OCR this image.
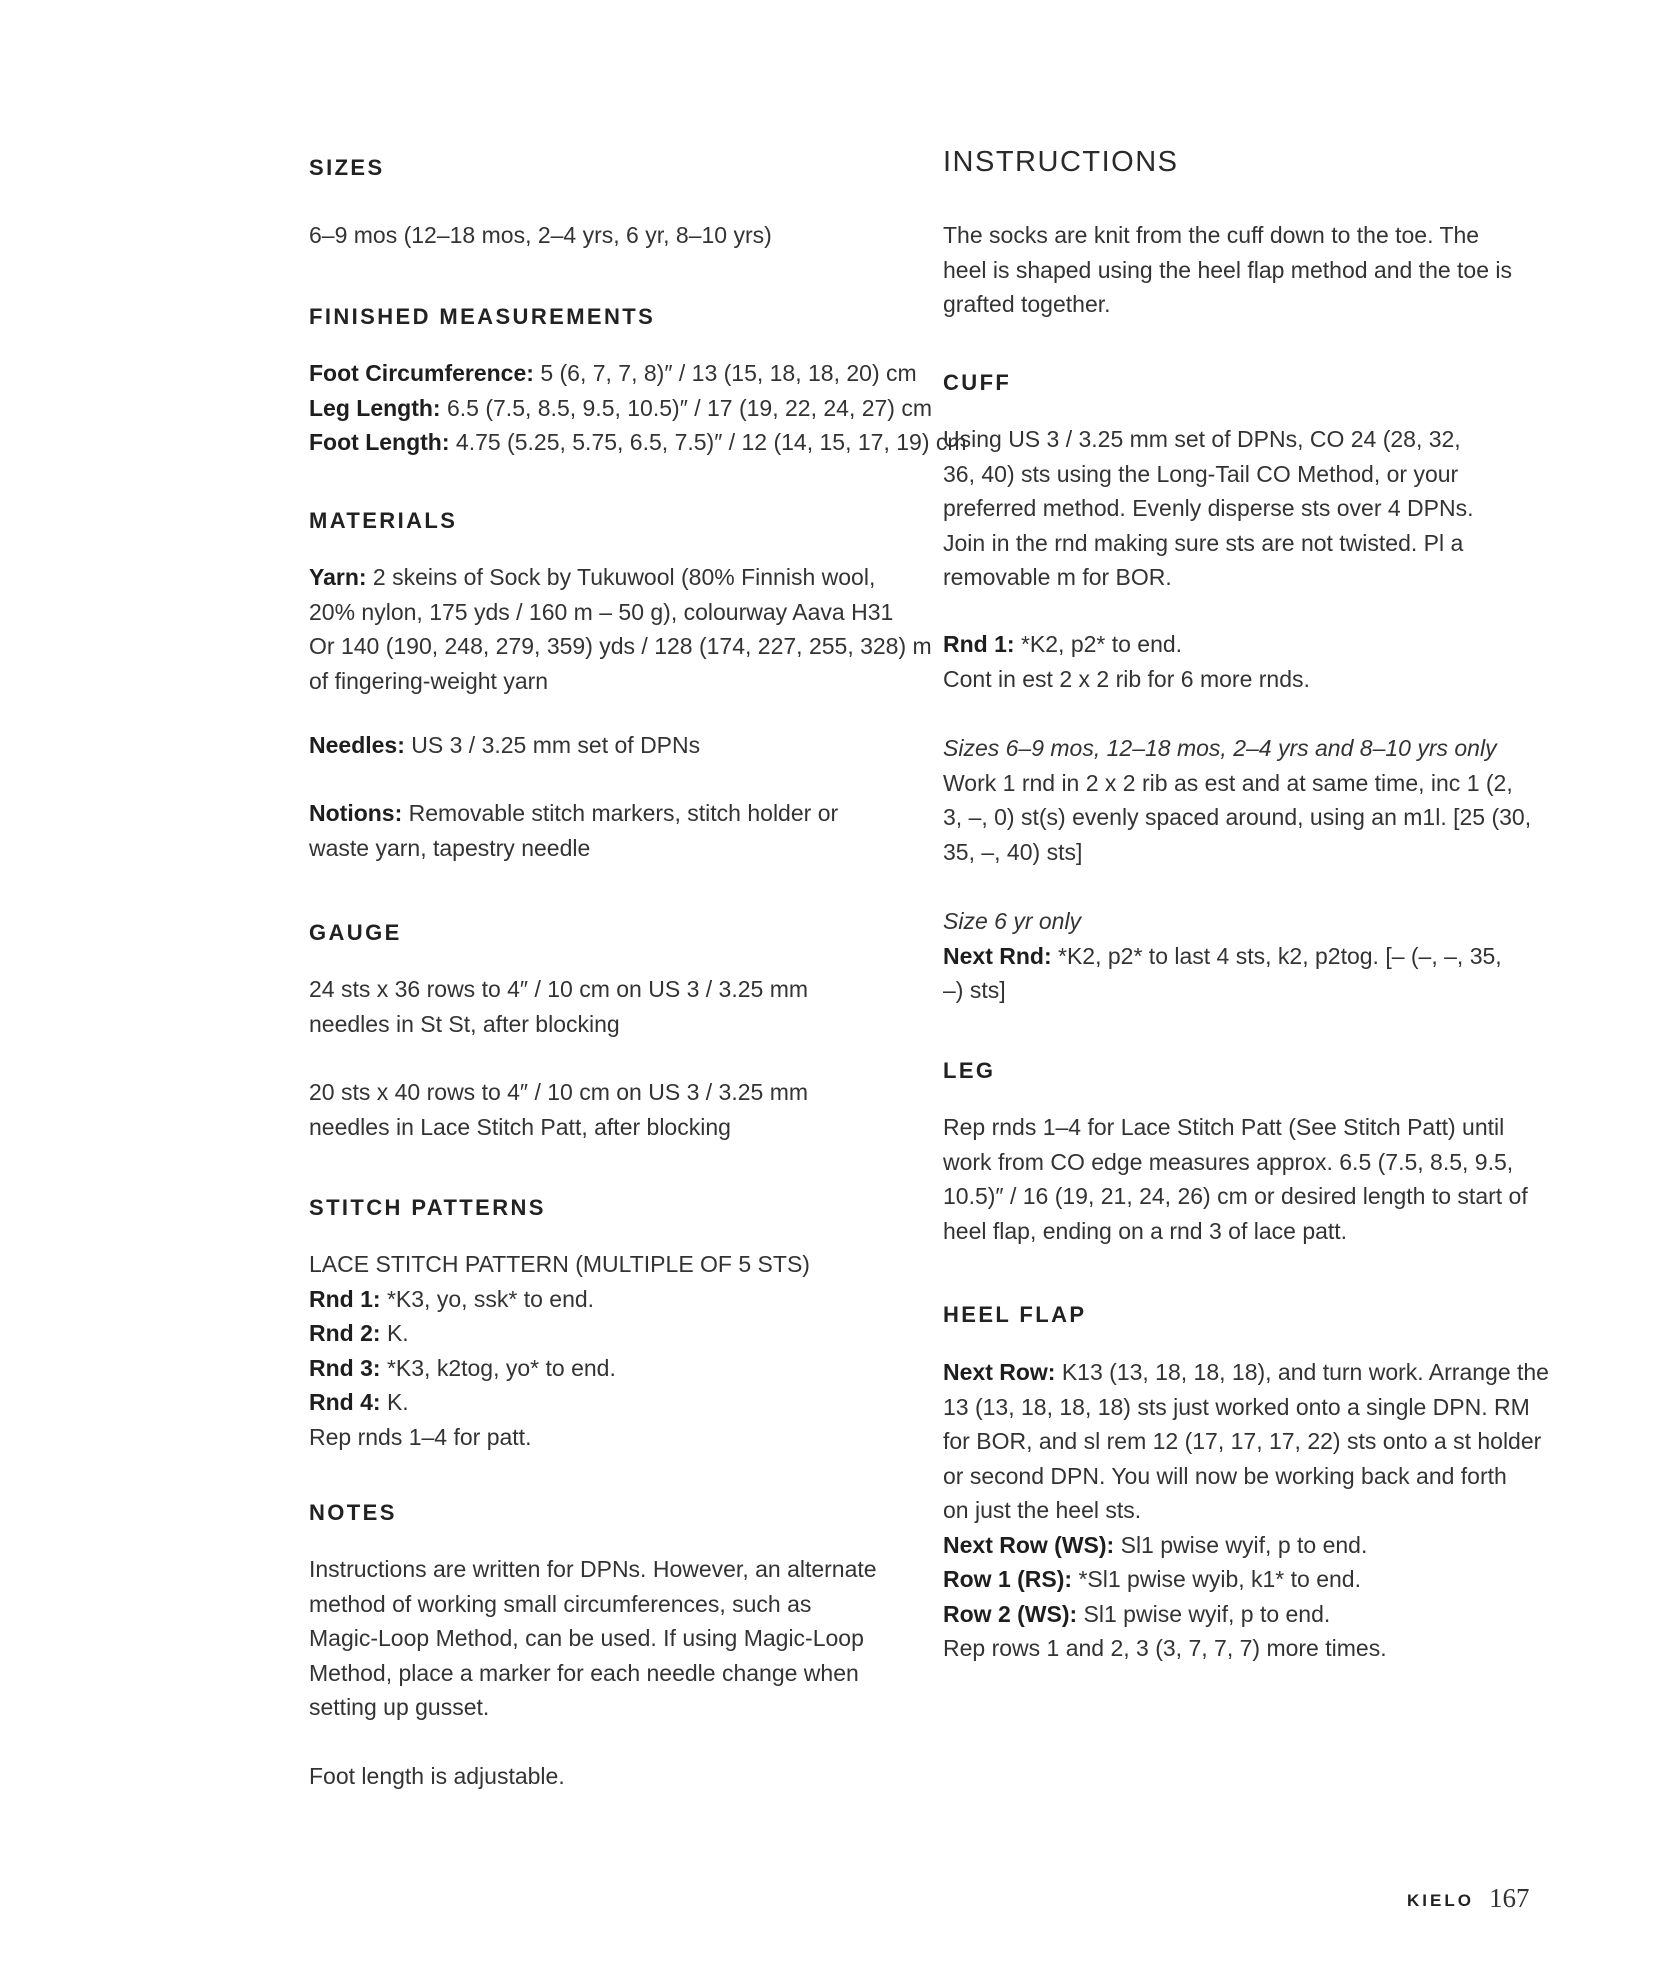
SIZES

6–9 mos (12–18 mos, 2–4 yrs, 6 yr, 8–10 yrs)

FINISHED MEASUREMENTS

Foot Circumference: 5 (6, 7, 7, 8)″ / 13 (15, 18, 18, 20) cm
Leg Length: 6.5 (7.5, 8.5, 9.5, 10.5)″ / 17 (19, 22, 24, 27) cm
Foot Length: 4.75 (5.25, 5.75, 6.5, 7.5)″ / 12 (14, 15, 17, 19) cm

MATERIALS

Yarn: 2 skeins of Sock by Tukuwool (80% Finnish wool,
20% nylon, 175 yds / 160 m – 50 g), colourway Aava H31
Or 140 (190, 248, 279, 359) yds / 128 (174, 227, 255, 328) m
of fingering-weight yarn

Needles: US 3 / 3.25 mm set of DPNs

Notions: Removable stitch markers, stitch holder or
waste yarn, tapestry needle

GAUGE

24 sts x 36 rows to 4″ / 10 cm on US 3 / 3.25 mm
needles in St St, after blocking

20 sts x 40 rows to 4″ / 10 cm on US 3 / 3.25 mm
needles in Lace Stitch Patt, after blocking

STITCH PATTERNS

LACE STITCH PATTERN (MULTIPLE OF 5 STS)
Rnd 1: *K3, yo, ssk* to end.
Rnd 2: K.
Rnd 3: *K3, k2tog, yo* to end.
Rnd 4: K.
Rep rnds 1–4 for patt.

NOTES

Instructions are written for DPNs. However, an alternate
method of working small circumferences, such as
Magic-Loop Method, can be used. If using Magic-Loop
Method, place a marker for each needle change when
setting up gusset.

Foot length is adjustable.

INSTRUCTIONS

The socks are knit from the cuff down to the toe. The
heel is shaped using the heel flap method and the toe is
grafted together.

CUFF

Using US 3 / 3.25 mm set of DPNs, CO 24 (28, 32,
36, 40) sts using the Long-Tail CO Method, or your
preferred method. Evenly disperse sts over 4 DPNs.
Join in the rnd making sure sts are not twisted. Pl a
removable m for BOR.

Rnd 1: *K2, p2* to end.
Cont in est 2 x 2 rib for 6 more rnds.

Sizes 6–9 mos, 12–18 mos, 2–4 yrs and 8–10 yrs only
Work 1 rnd in 2 x 2 rib as est and at same time, inc 1 (2,
3, –, 0) st(s) evenly spaced around, using an m1l. [25 (30,
35, –, 40) sts]

Size 6 yr only
Next Rnd: *K2, p2* to last 4 sts, k2, p2tog. [– (–, –, 35,
–) sts]

LEG

Rep rnds 1–4 for Lace Stitch Patt (See Stitch Patt) until
work from CO edge measures approx. 6.5 (7.5, 8.5, 9.5,
10.5)″ / 16 (19, 21, 24, 26) cm or desired length to start of
heel flap, ending on a rnd 3 of lace patt.

HEEL FLAP

Next Row: K13 (13, 18, 18, 18), and turn work. Arrange the
13 (13, 18, 18, 18) sts just worked onto a single DPN. RM
for BOR, and sl rem 12 (17, 17, 17, 22) sts onto a st holder
or second DPN. You will now be working back and forth
on just the heel sts.
Next Row (WS): Sl1 pwise wyif, p to end.
Row 1 (RS): *Sl1 pwise wyib, k1* to end.
Row 2 (WS): Sl1 pwise wyif, p to end.
Rep rows 1 and 2, 3 (3, 7, 7, 7) more times.

KIELO 167
